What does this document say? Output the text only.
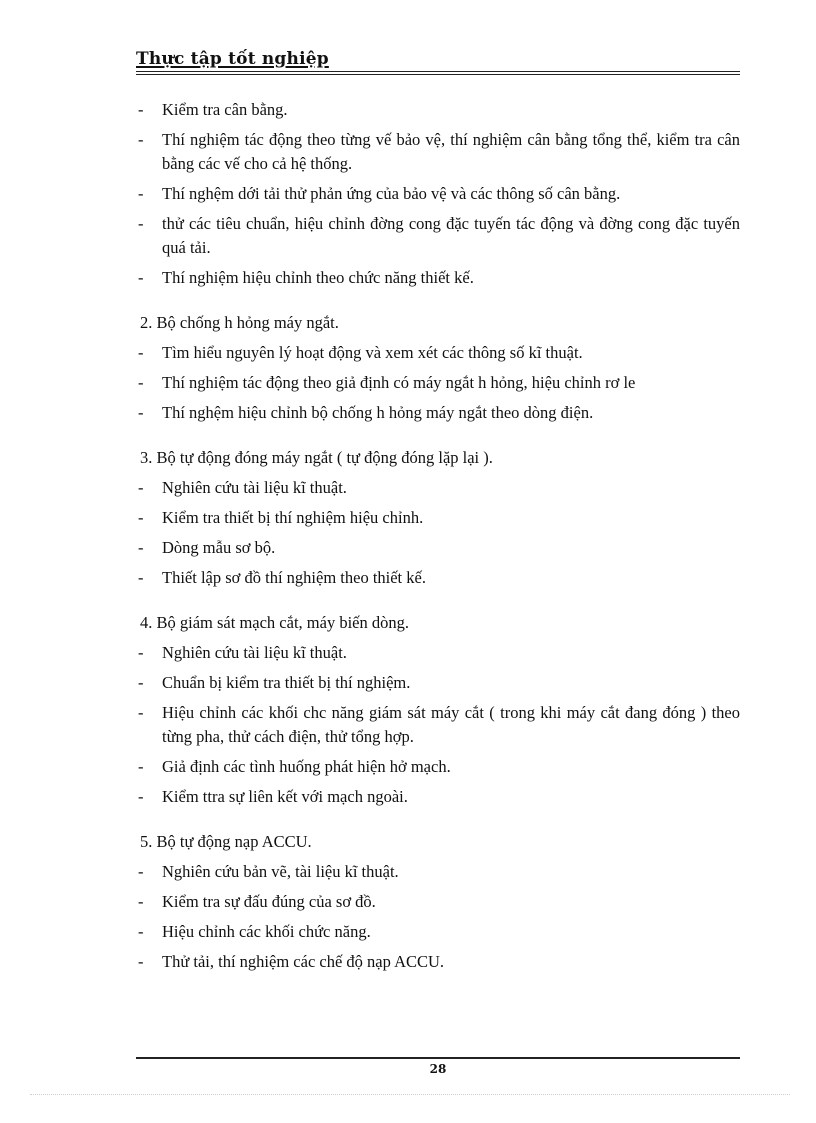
Thực tập tốt nghiệp
- Kiểm tra cân bằng.
- Thí nghiệm tác động theo từng vế bảo vệ, thí nghiệm cân bằng tổng thể, kiểm tra cân bằng các vế cho cả hệ thống.
- Thí nghệm dới tải thử phản ứng của bảo vệ và các thông số cân bằng.
- thử các tiêu chuẩn, hiệu chỉnh đờng cong đặc tuyến tác động và đờng cong đặc tuyến quá tải.
- Thí nghiệm hiệu chỉnh theo chức năng thiết kế.
2. Bộ chống h hỏng máy ngắt.
- Tìm hiểu nguyên lý hoạt động và xem xét các thông số kĩ thuật.
- Thí nghiệm tác động theo giả định có máy ngắt h hỏng, hiệu chỉnh rơ le
- Thí nghệm hiệu chỉnh bộ chống h hỏng máy ngắt theo dòng điện.
3. Bộ tự động đóng máy ngắt ( tự động đóng lặp lại ).
- Nghiên cứu tài liệu kĩ thuật.
- Kiểm tra thiết bị thí nghiệm hiệu chỉnh.
- Dòng mẫu sơ bộ.
- Thiết lập sơ đồ thí nghiệm theo thiết kế.
4. Bộ giám sát mạch cắt, máy biến dòng.
- Nghiên cứu tài liệu kĩ thuật.
- Chuẩn bị kiểm tra thiết bị thí nghiệm.
- Hiệu chỉnh các khối chc năng giám sát máy cắt ( trong khi máy cắt đang đóng ) theo từng pha, thử cách điện, thử tổng hợp.
- Giả định các tình huống phát hiện hở mạch.
- Kiểm ttra sự liên kết với mạch ngoài.
5. Bộ tự động nạp ACCU.
- Nghiên cứu bản vẽ, tài liệu kĩ thuật.
- Kiểm tra sự đấu đúng của sơ đồ.
- Hiệu chỉnh các khối chức năng.
- Thử tải, thí nghiệm các chế độ nạp ACCU.
28
